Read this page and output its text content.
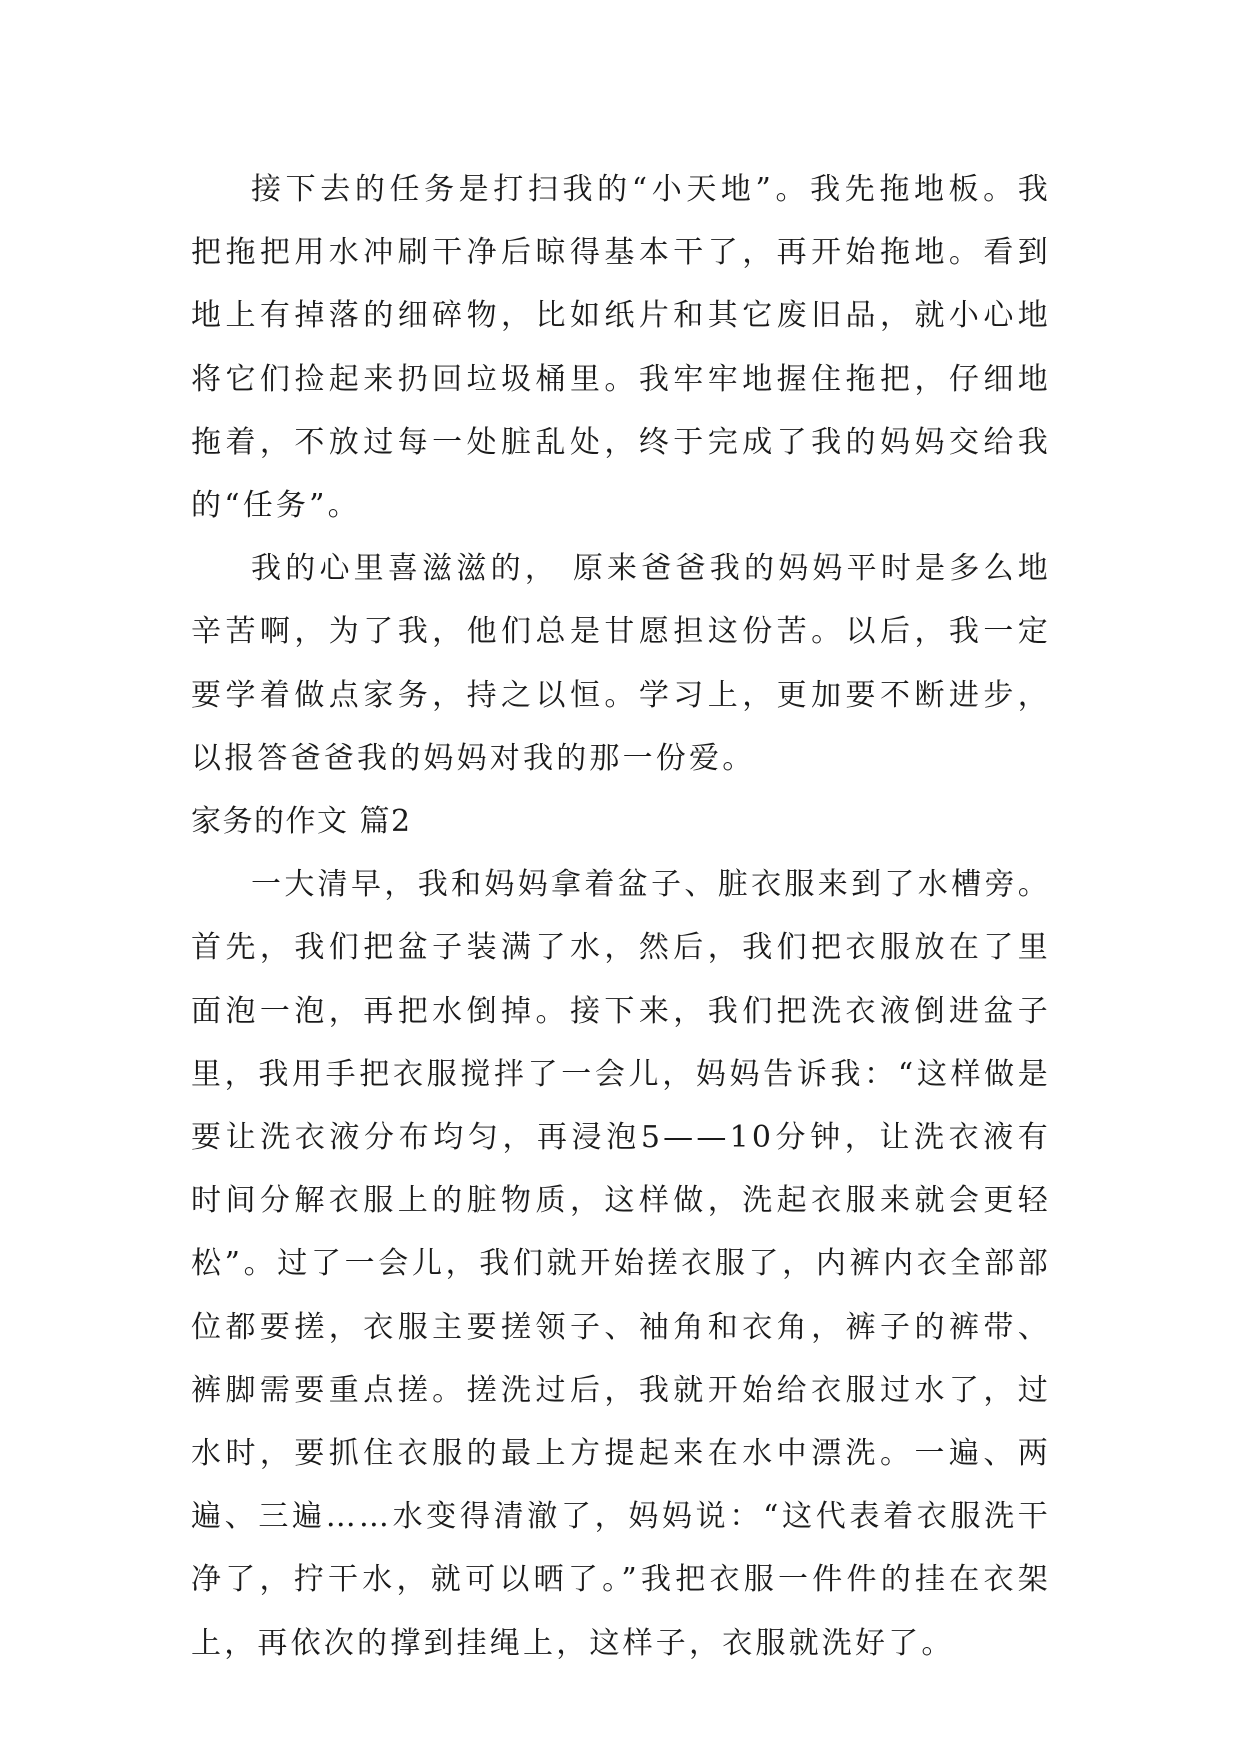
接下去的任务是打扫我的“小天地”。我先拖地板。我把拖把用水冲刷干净后晾得基本干了，再开始拖地。看到地上有掉落的细碎物，比如纸片和其它废旧品，就小心地将它们捡起来扔回垃圾桶里。我牢牢地握住拖把，仔细地拖着，不放过每一处脏乱处，终于完成了我的妈妈交给我的“任务”。

我的心里喜滋滋的， 原来爸爸我的妈妈平时是多么地辛苦啊，为了我，他们总是甘愿担这份苦。以后，我一定要学着做点家务，持之以恒。学习上，更加要不断进步，以报答爸爸我的妈妈对我的那一份爱。

家务的作文 篇2

一大清早，我和妈妈拿着盆子、脏衣服来到了水槽旁。首先，我们把盆子装满了水，然后，我们把衣服放在了里面泡一泡，再把水倒掉。接下来，我们把洗衣液倒进盆子里，我用手把衣服搅拌了一会儿，妈妈告诉我：“这样做是要让洗衣液分布均匀，再浸泡5——10分钟，让洗衣液有时间分解衣服上的脏物质，这样做，洗起衣服来就会更轻松”。过了一会儿，我们就开始搓衣服了，内裤内衣全部部位都要搓，衣服主要搓领子、袖角和衣角，裤子的裤带、裤脚需要重点搓。搓洗过后，我就开始给衣服过水了，过水时，要抓住衣服的最上方提起来在水中漂洗。一遍、两遍、三遍……水变得清澈了，妈妈说：“这代表着衣服洗干净了，拧干水，就可以晒了。”我把衣服一件件的挂在衣架上，再依次的撑到挂绳上，这样子，衣服就洗好了。
